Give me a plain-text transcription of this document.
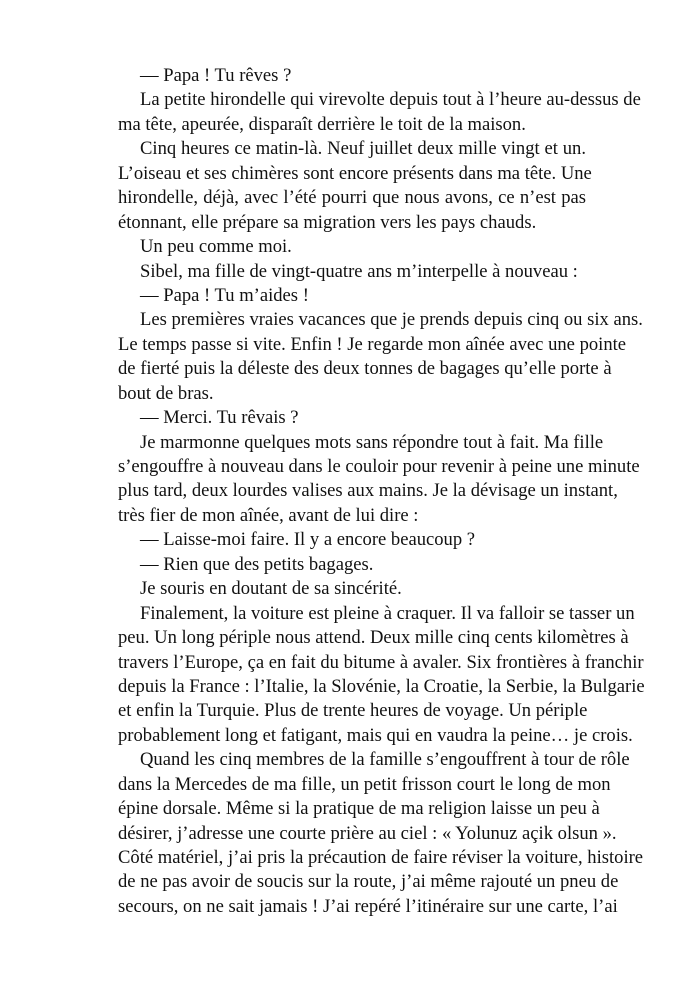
— Papa ! Tu rêves ?

La petite hirondelle qui virevolte depuis tout à l’heure au-dessus de
ma tête, apeurée, disparaît derrière le toit de la maison.

Cinq heures ce matin-là. Neuf juillet deux mille vingt et un.
L’oiseau et ses chimères sont encore présents dans ma tête. Une
hirondelle, déjà, avec l’été pourri que nous avons, ce n’est pas
étonnant, elle prépare sa migration vers les pays chauds.

Un peu comme moi.

Sibel, ma fille de vingt-quatre ans m’interpelle à nouveau :

— Papa ! Tu m’aides !

Les premières vraies vacances que je prends depuis cinq ou six ans.
Le temps passe si vite. Enfin ! Je regarde mon aînée avec une pointe
de fierté puis la déleste des deux tonnes de bagages qu’elle porte à
bout de bras.

— Merci. Tu rêvais ?

Je marmonne quelques mots sans répondre tout à fait. Ma fille
s’engouffre à nouveau dans le couloir pour revenir à peine une minute
plus tard, deux lourdes valises aux mains. Je la dévisage un instant,
très fier de mon aînée, avant de lui dire :

— Laisse-moi faire. Il y a encore beaucoup ?

— Rien que des petits bagages.

Je souris en doutant de sa sincérité.

Finalement, la voiture est pleine à craquer. Il va falloir se tasser un
peu. Un long périple nous attend. Deux mille cinq cents kilomètres à
travers l’Europe, ça en fait du bitume à avaler. Six frontières à franchir
depuis la France : l’Italie, la Slovénie, la Croatie, la Serbie, la Bulgarie
et enfin la Turquie. Plus de trente heures de voyage. Un périple
probablement long et fatigant, mais qui en vaudra la peine… je crois.

Quand les cinq membres de la famille s’engouffrent à tour de rôle
dans la Mercedes de ma fille, un petit frisson court le long de mon
épine dorsale. Même si la pratique de ma religion laisse un peu à
désirer, j’adresse une courte prière au ciel : « Yolunuz açik olsun ».
Côté matériel, j’ai pris la précaution de faire réviser la voiture, histoire
de ne pas avoir de soucis sur la route, j’ai même rajouté un pneu de
secours, on ne sait jamais ! J’ai repéré l’itinéraire sur une carte, l’ai
